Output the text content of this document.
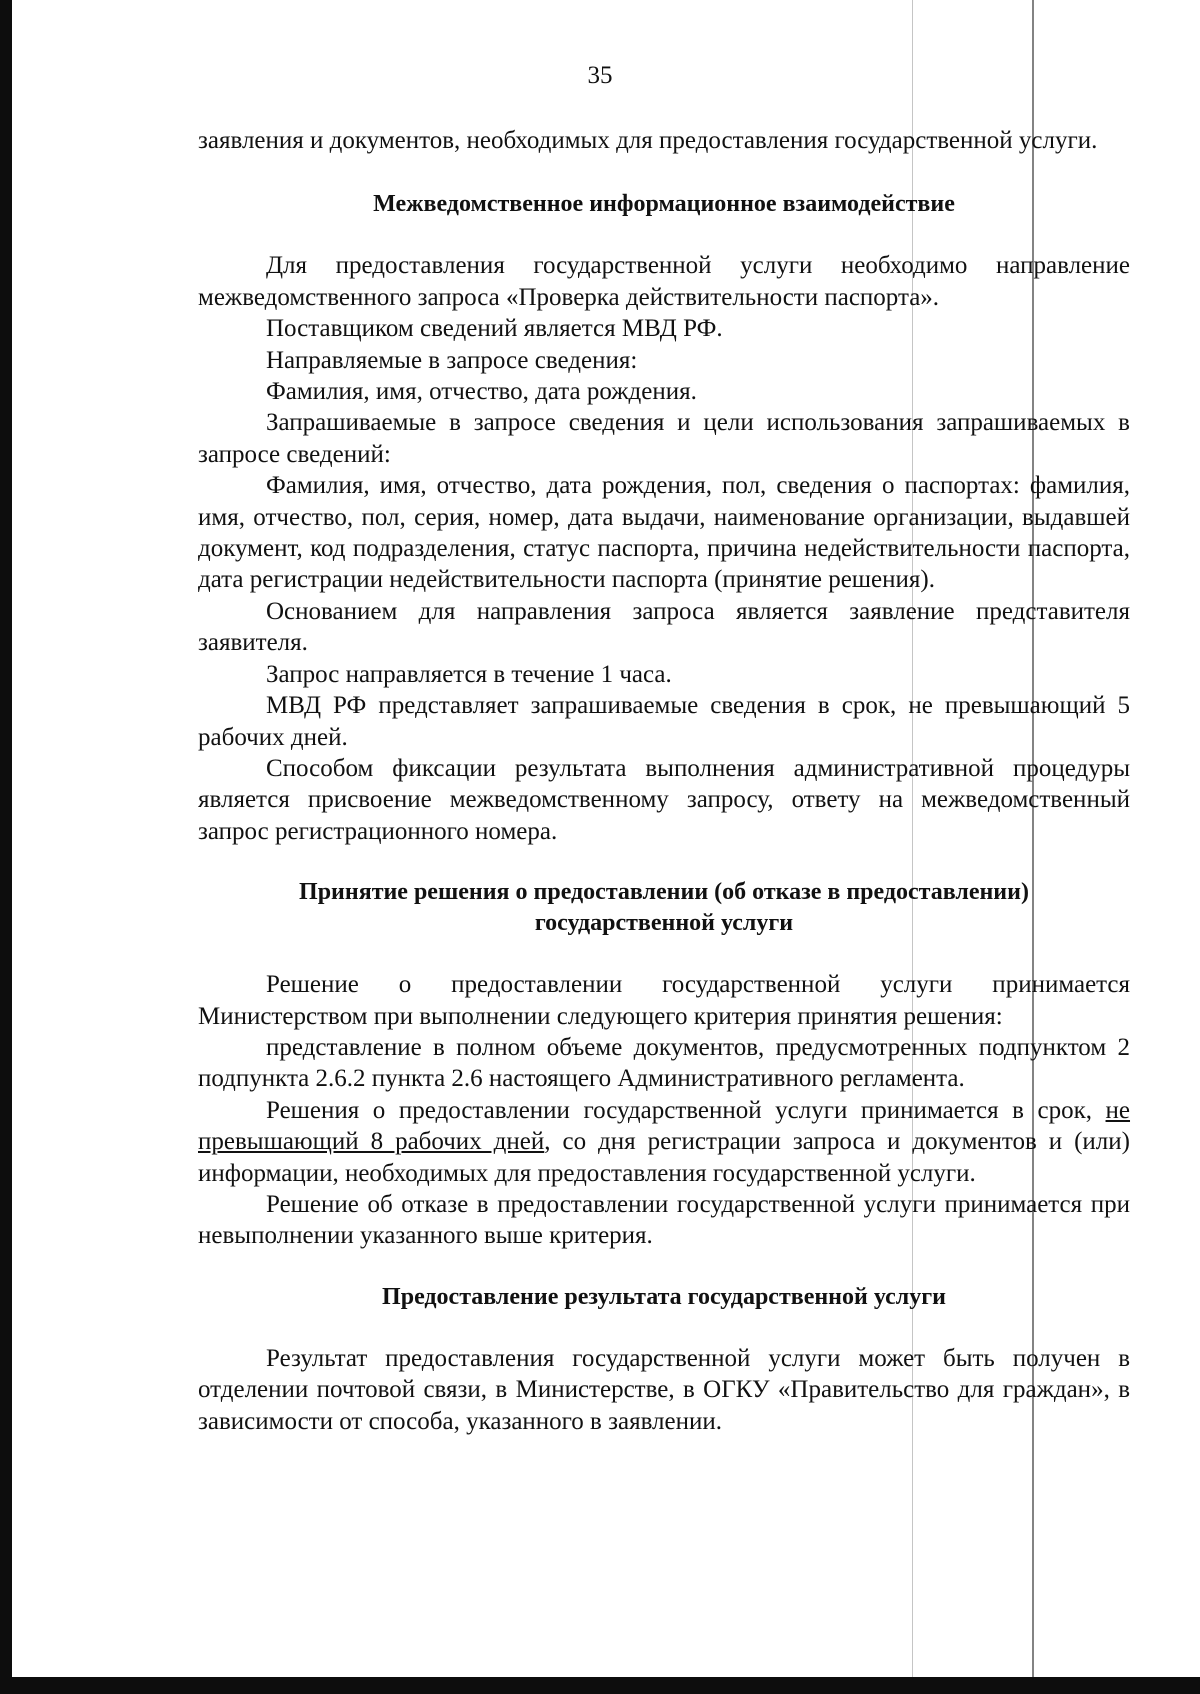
35

заявления и документов, необходимых для предоставления государственной услуги.

Межведомственное информационное взаимодействие

Для предоставления государственной услуги необходимо направление межведомственного запроса «Проверка действительности паспорта».

Поставщиком сведений является МВД РФ.

Направляемые в запросе сведения:

Фамилия, имя, отчество, дата рождения.

Запрашиваемые в запросе сведения и цели использования запрашиваемых в запросе сведений:

Фамилия, имя, отчество, дата рождения, пол, сведения о паспортах: фамилия, имя, отчество, пол, серия, номер, дата выдачи, наименование организации, выдавшей документ, код подразделения, статус паспорта, причина недействительности паспорта, дата регистрации недействительности паспорта (принятие решения).

Основанием для направления запроса является заявление представителя заявителя.

Запрос направляется в течение 1 часа.

МВД РФ представляет запрашиваемые сведения в срок, не превышающий 5 рабочих дней.

Способом фиксации результата выполнения административной процедуры является присвоение межведомственному запросу, ответу на межведомственный запрос регистрационного номера.

Принятие решения о предоставлении (об отказе в предоставлении)

государственной услуги

Решение о предоставлении государственной услуги принимается Министерством при выполнении следующего критерия принятия решения:

представление в полном объеме документов, предусмотренных подпунктом 2 подпункта 2.6.2 пункта 2.6 настоящего Административного регламента.

Решения о предоставлении государственной услуги принимается в срок, не превышающий 8 рабочих дней, со дня регистрации запроса и документов и (или) информации, необходимых для предоставления государственной услуги.

Решение об отказе в предоставлении государственной услуги принимается при невыполнении указанного выше критерия.

Предоставление результата государственной услуги

Результат предоставления государственной услуги может быть получен в отделении почтовой связи, в Министерстве, в ОГКУ «Правительство для граждан», в зависимости от способа, указанного в заявлении.
